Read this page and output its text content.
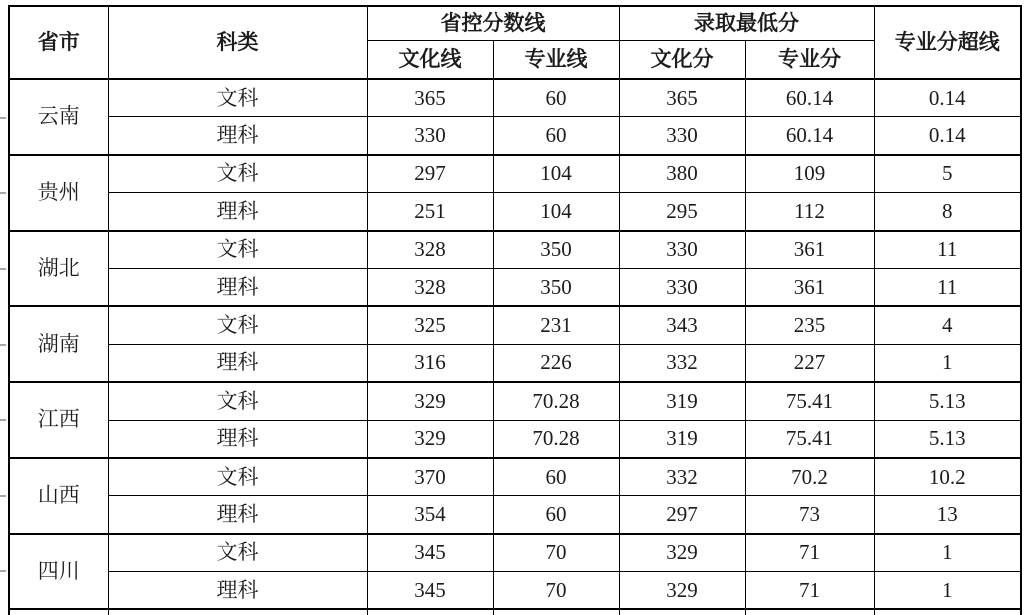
省市	科类	省控分数线		录取最低分		专业分超线
		文化线	专业线	文化分	专业分	
云南	文科	365	60	365	60.14	0.14
	理科	330	60	330	60.14	0.14
贵州	文科	297	104	380	109	5
	理科	251	104	295	112	8
湖北	文科	328	350	330	361	11
	理科	328	350	330	361	11
湖南	文科	325	231	343	235	4
	理科	316	226	332	227	1
江西	文科	329	70.28	319	75.41	5.13
	理科	329	70.28	319	75.41	5.13
山西	文科	370	60	332	70.2	10.2
	理科	354	60	297	73	13
四川	文科	345	70	329	71	1
	理科	345	70	329	71	1
